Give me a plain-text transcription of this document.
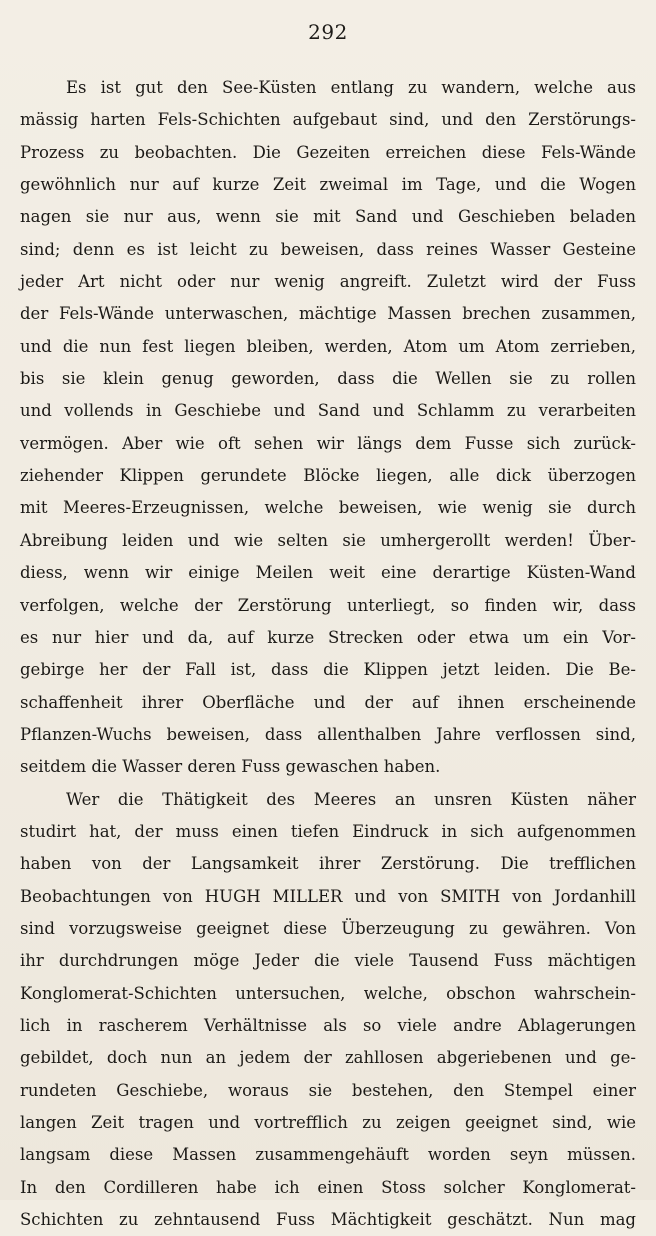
292
Es ist gut den See-Küsten entlang zu wandern, welche aus
mässig harten Fels-Schichten aufgebaut sind, und den Zerstörungs-
Prozess zu beobachten. Die Gezeiten erreichen diese Fels-Wände
gewöhnlich nur auf kurze Zeit zweimal im Tage, und die Wogen
nagen sie nur aus, wenn sie mit Sand und Geschieben beladen
sind; denn es ist leicht zu beweisen, dass reines Wasser Gesteine
jeder Art nicht oder nur wenig angreift. Zuletzt wird der Fuss
der Fels-Wände unterwaschen, mächtige Massen brechen zusammen,
und die nun fest liegen bleiben, werden, Atom um Atom zerrieben,
bis sie klein genug geworden, dass die Wellen sie zu rollen
und vollends in Geschiebe und Sand und Schlamm zu verarbeiten
vermögen. Aber wie oft sehen wir längs dem Fusse sich zurück-
ziehender Klippen gerundete Blöcke liegen, alle dick überzogen
mit Meeres-Erzeugnissen, welche beweisen, wie wenig sie durch
Abreibung leiden und wie selten sie umhergerollt werden! Über-
diess, wenn wir einige Meilen weit eine derartige Küsten-Wand
verfolgen, welche der Zerstörung unterliegt, so finden wir, dass
es nur hier und da, auf kurze Strecken oder etwa um ein Vor-
gebirge her der Fall ist, dass die Klippen jetzt leiden. Die Be-
schaffenheit ihrer Oberfläche und der auf ihnen erscheinende
Pflanzen-Wuchs beweisen, dass allenthalben Jahre verflossen sind,
seitdem die Wasser deren Fuss gewaschen haben.
Wer die Thätigkeit des Meeres an unsren Küsten näher
studirt hat, der muss einen tiefen Eindruck in sich aufgenommen
haben von der Langsamkeit ihrer Zerstörung. Die trefflichen
Beobachtungen von HUGH MILLER und von SMITH von Jordanhill
sind vorzugsweise geeignet diese Überzeugung zu gewähren. Von
ihr durchdrungen möge Jeder die viele Tausend Fuss mächtigen
Konglomerat-Schichten untersuchen, welche, obschon wahrschein-
lich in rascherem Verhältnisse als so viele andre Ablagerungen
gebildet, doch nun an jedem der zahllosen abgeriebenen und ge-
rundeten Geschiebe, woraus sie bestehen, den Stempel einer
langen Zeit tragen und vortrefflich zu zeigen geeignet sind, wie
langsam diese Massen zusammengehäuft worden seyn müssen.
In den Cordilleren habe ich einen Stoss solcher Konglomerat-
Schichten zu zehntausend Fuss Mächtigkeit geschätzt. Nun mag
